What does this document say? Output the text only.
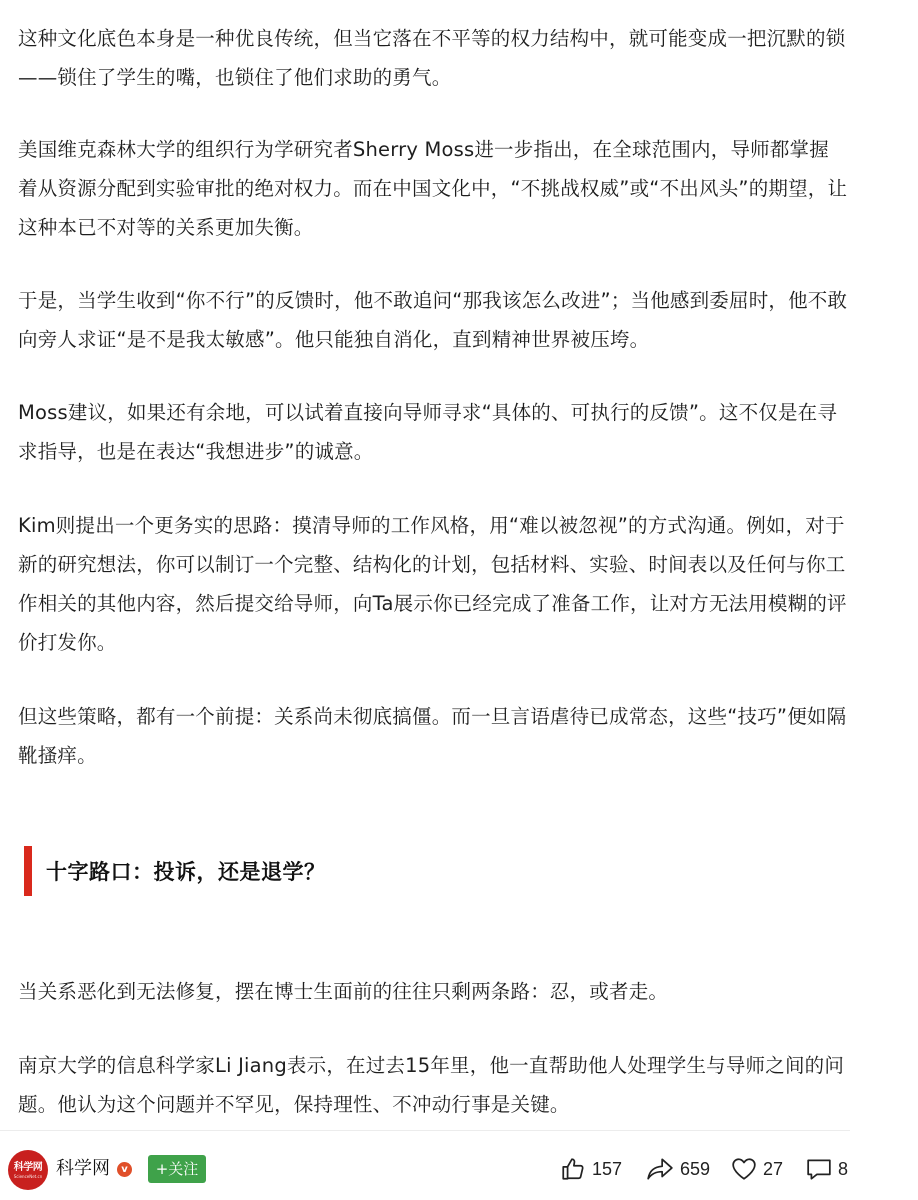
这种文化底色本身是一种优良传统，但当它落在不平等的权力结构中，就可能变成一把沉默的锁——锁住了学生的嘴，也锁住了他们求助的勇气。

美国维克森林大学的组织行为学研究者Sherry Moss进一步指出，在全球范围内，导师都掌握着从资源分配到实验审批的绝对权力。而在中国文化中，“不挑战权威”或“不出风头”的期望，让这种本已不对等的关系更加失衡。

于是，当学生收到“你不行”的反馈时，他不敢追问“那我该怎么改进”；当他感到委屈时，他不敢向旁人求证“是不是我太敏感”。他只能独自消化，直到精神世界被压垮。

Moss建议，如果还有余地，可以试着直接向导师寻求“具体的、可执行的反馈”。这不仅是在寻求指导，也是在表达“我想进步”的诚意。

Kim则提出一个更务实的思路：摸清导师的工作风格，用“难以被忽视”的方式沟通。例如，对于新的研究想法，你可以制订一个完整、结构化的计划，包括材料、实验、时间表以及任何与你工作相关的其他内容，然后提交给导师，向Ta展示你已经完成了准备工作，让对方无法用模糊的评价打发你。

但这些策略，都有一个前提：关系尚未彻底搞僵。而一旦言语虐待已成常态，这些“技巧”便如隔靴搔痒。

十字路口：投诉，还是退学？

当关系恶化到无法修复，摆在博士生面前的往往只剩两条路：忍，或者走。

南京大学的信息科学家Li Jiang表示，在过去15年里，他一直帮助他人处理学生与导师之间的问题。他认为这个问题并不罕见，保持理性、不冲动行事是关键。

科学网
ScienceNet.cn 科学网	v	+关注	157	659	27	8
